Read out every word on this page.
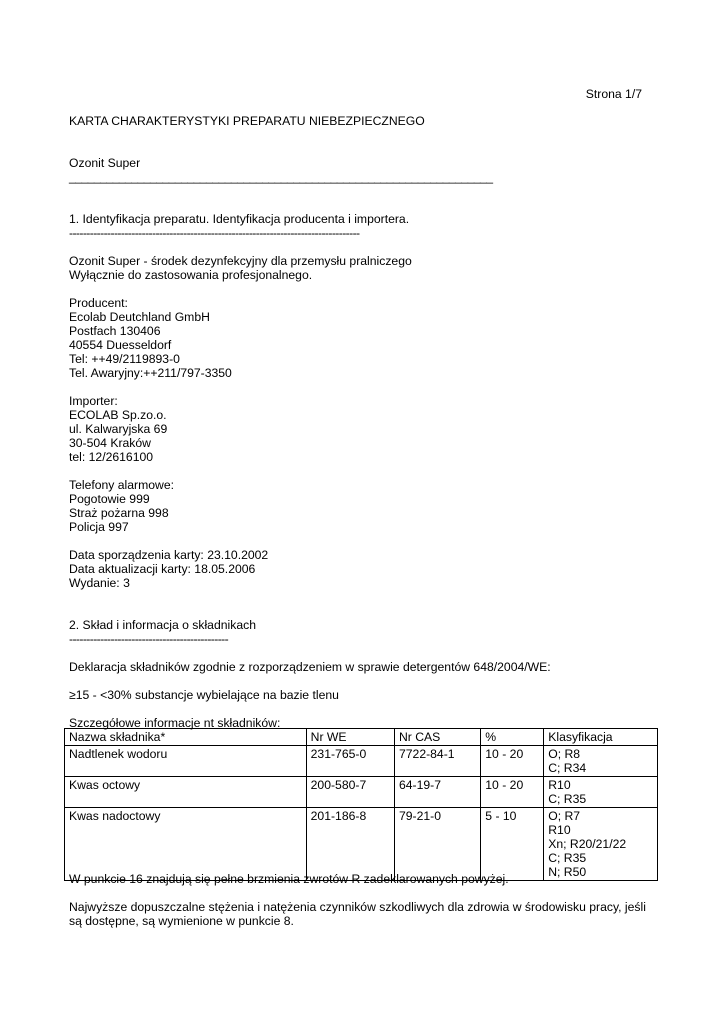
Strona 1/7
KARTA CHARAKTERYSTYKI PREPARATU NIEBEZPIECZNEGO
Ozonit Super
____________________________________________________________________
1. Identyfikacja preparatu. Identyfikacja producenta i importera.
------------------------------------------------------------------------------------
Ozonit Super - środek dezynfekcyjny dla przemysłu pralniczego
Wyłącznie do zastosowania profesjonalnego.
Producent:
Ecolab Deutchland GmbH
Postfach 130406
40554 Duesseldorf
Tel: ++49/2119893-0
Tel. Awaryjny:++211/797-3350
Importer:
ECOLAB Sp.zo.o.
ul. Kalwaryjska 69
30-504 Kraków
tel: 12/2616100
Telefony alarmowe:
Pogotowie 999
Straż pożarna 998
Policja 997
Data sporządzenia karty: 23.10.2002
Data aktualizacji karty: 18.05.2006
Wydanie: 3
2. Skład i informacja o składnikach
----------------------------------------------
Deklaracja składników zgodnie z rozporządzeniem w sprawie detergentów 648/2004/WE:
≥15 - <30% substancje wybielające na bazie tlenu
Szczegółowe informacje nt składników:
Nazwa składnika*	Nr WE	Nr CAS	%	Klasyfikacja
Nadtlenek wodoru	231-765-0	7722-84-1	10 - 20	O; R8
C; R34

Kwas octowy	200-580-7	64-19-7	10 - 20	R10
C; R35

Kwas nadoctowy	201-186-8	79-21-0	5 - 10	O; R7
R10
Xn; R20/21/22
C; R35
N; R50
W punkcie 16 znajdują się pełne brzmienia zwrotów R zadeklarowanych powyżej.
Najwyższe dopuszczalne stężenia i natężenia czynników szkodliwych dla zdrowia w środowisku pracy, jeśli
są dostępne, są wymienione w punkcie 8.
